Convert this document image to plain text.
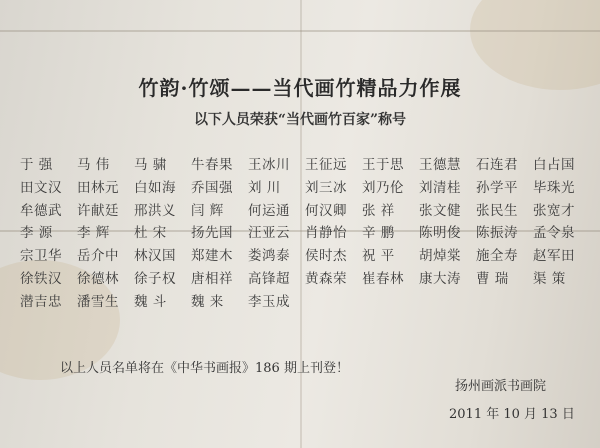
竹韵·竹颂——当代画竹精品力作展
以下人员荣获“当代画竹百家”称号
于 强	马 伟	马 骕	牛春果	王冰川	王征远	王于思	王德慧	石连君	白占国
田文汉	田林元	白如海	乔国强	刘 川	刘三冰	刘乃伦	刘清桂	孙学平	毕珠光
牟德武	许献廷	邢洪义	闫 辉	何运通	何汉卿	张 祥	张文健	张民生	张宽才
李 源	李 辉	杜 宋	扬先国	汪亚云	肖静怡	辛 鹏	陈明俊	陈振涛	孟令泉
宗卫华	岳介中	林汉国	郑建木	娄鸿泰	侯时杰	祝 平	胡焯棠	施全寿	赵军田
徐铁汉	徐德林	徐子权	唐相祥	高锋超	黄森荣	崔春林	康大涛	曹 瑞	渠 策
潜吉忠	潘雪生	魏 斗	魏 来	李玉成
以上人员名单将在《中华书画报》186 期上刊登！
扬州画派书画院
2011 年 10 月 13 日
